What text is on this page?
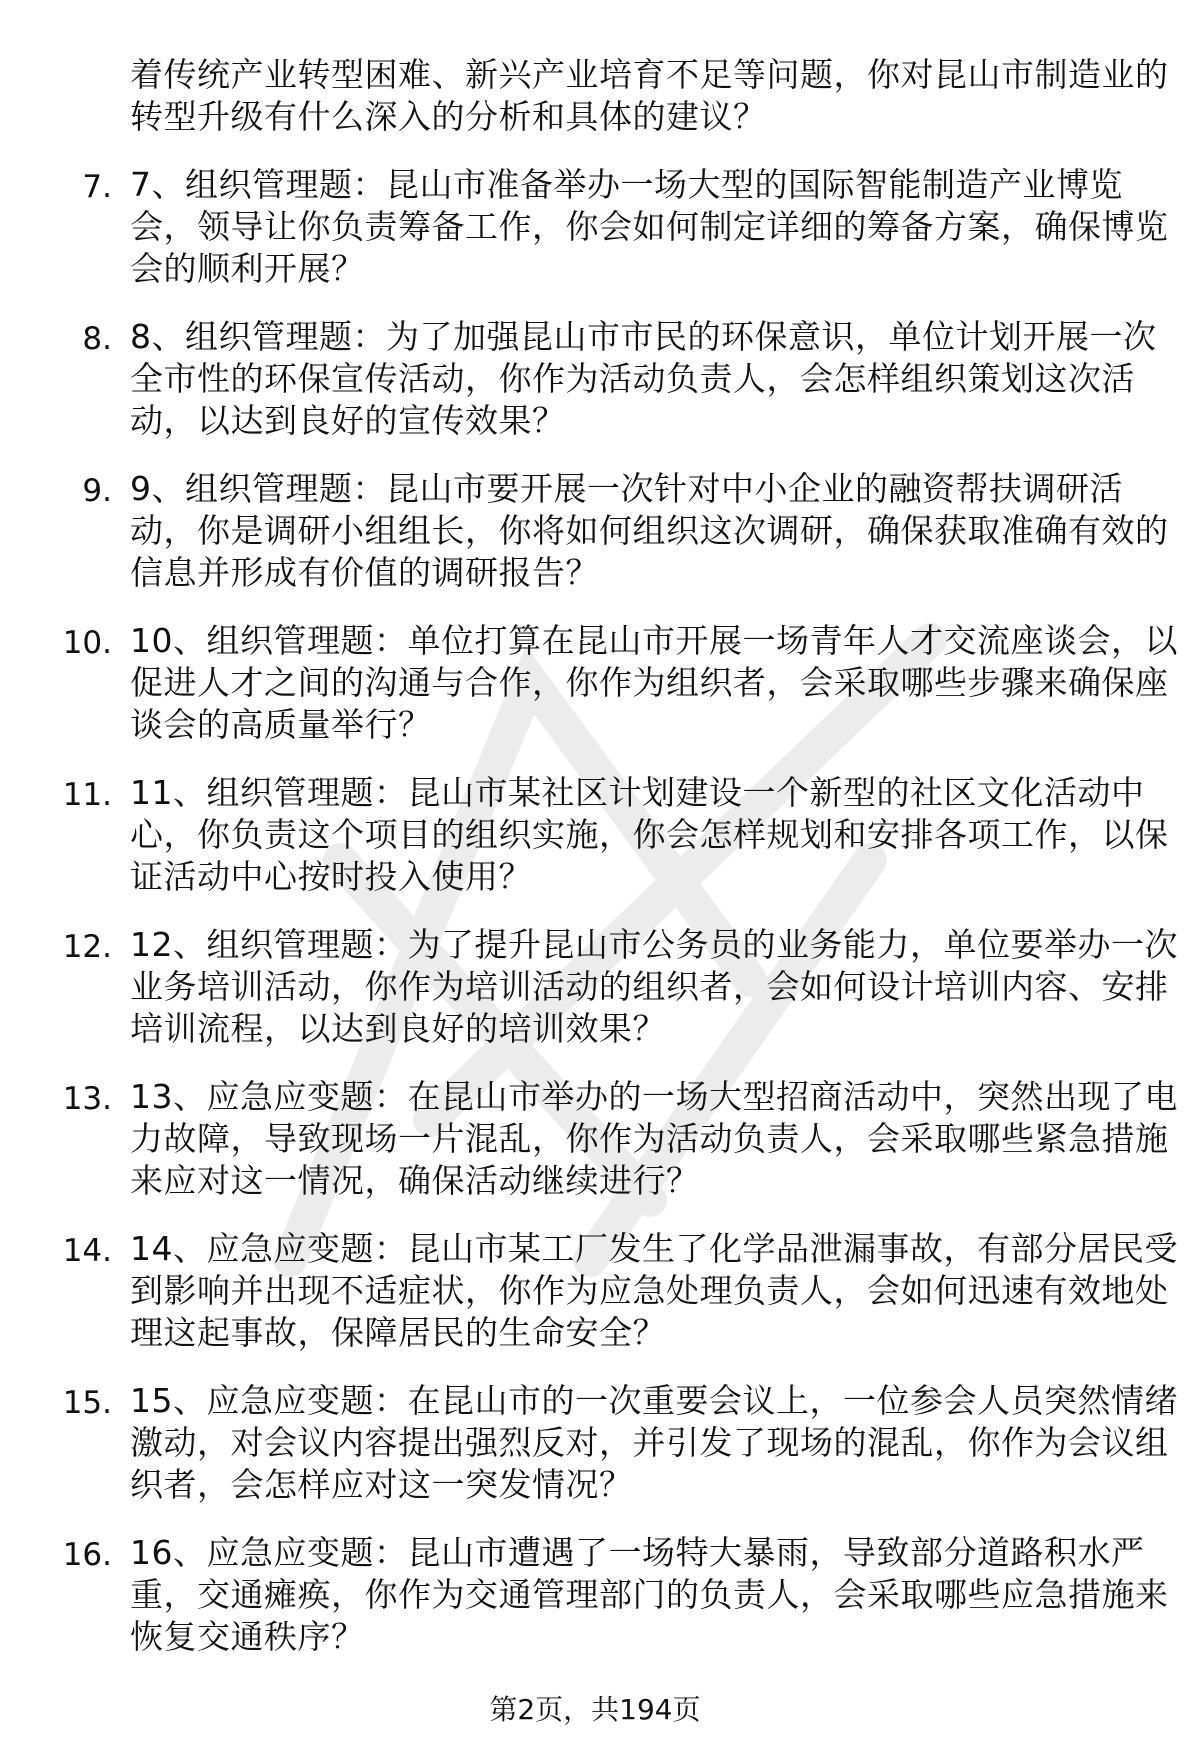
着传统产业转型困难、新兴产业培育不足等问题，你对昆山市制造业的转型升级有什么深入的分析和具体的建议？
7. 7、组织管理题：昆山市准备举办一场大型的国际智能制造产业博览会，领导让你负责筹备工作，你会如何制定详细的筹备方案，确保博览会的顺利开展？
8. 8、组织管理题：为了加强昆山市市民的环保意识，单位计划开展一次全市性的环保宣传活动，你作为活动负责人，会怎样组织策划这次活动，以达到良好的宣传效果？
9. 9、组织管理题：昆山市要开展一次针对中小企业的融资帮扶调研活动，你是调研小组组长，你将如何组织这次调研，确保获取准确有效的信息并形成有价值的调研报告？
10. 10、组织管理题：单位打算在昆山市开展一场青年人才交流座谈会，以促进人才之间的沟通与合作，你作为组织者，会采取哪些步骤来确保座谈会的高质量举行？
11. 11、组织管理题：昆山市某社区计划建设一个新型的社区文化活动中心，你负责这个项目的组织实施，你会怎样规划和安排各项工作，以保证活动中心按时投入使用？
12. 12、组织管理题：为了提升昆山市公务员的业务能力，单位要举办一次业务培训活动，你作为培训活动的组织者，会如何设计培训内容、安排培训流程，以达到良好的培训效果？
13. 13、应急应变题：在昆山市举办的一场大型招商活动中，突然出现了电力故障，导致现场一片混乱，你作为活动负责人，会采取哪些紧急措施来应对这一情况，确保活动继续进行？
14. 14、应急应变题：昆山市某工厂发生了化学品泄漏事故，有部分居民受到影响并出现不适症状，你作为应急处理负责人，会如何迅速有效地处理这起事故，保障居民的生命安全？
15. 15、应急应变题：在昆山市的一次重要会议上，一位参会人员突然情绪激动，对会议内容提出强烈反对，并引发了现场的混乱，你作为会议组织者，会怎样应对这一突发情况？
16. 16、应急应变题：昆山市遭遇了一场特大暴雨，导致部分道路积水严重，交通瘫痪，你作为交通管理部门的负责人，会采取哪些应急措施来恢复交通秩序？
第2页，共194页
